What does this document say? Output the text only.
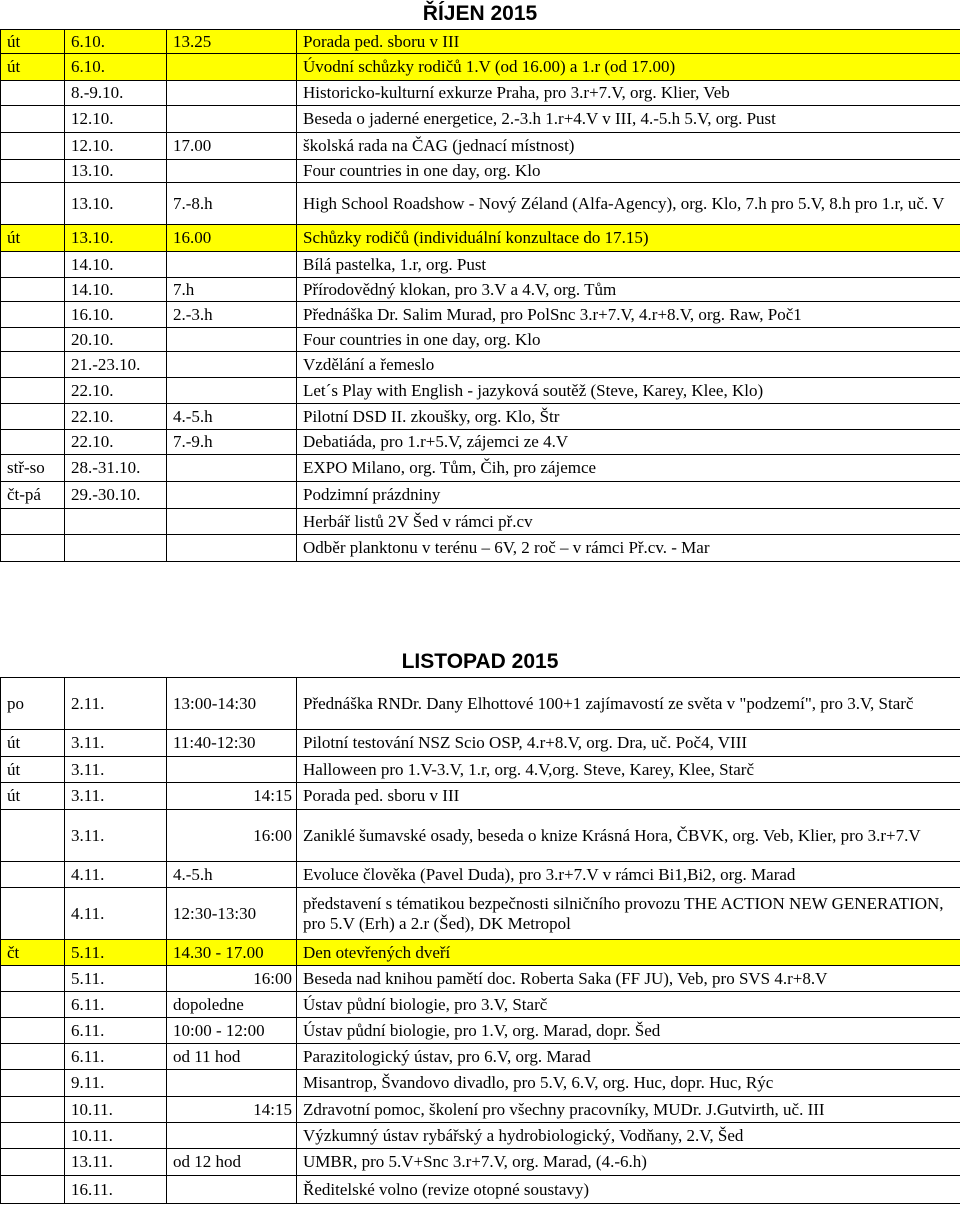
ŘÍJEN 2015
út	6.10.	13.25	Porada ped. sboru v III
út	6.10.		Úvodní schůzky rodičů 1.V (od 16.00) a 1.r (od 17.00)
	8.-9.10.		Historicko-kulturní exkurze Praha, pro 3.r+7.V, org. Klier, Veb
	12.10.		Beseda o jaderné energetice, 2.-3.h 1.r+4.V v III, 4.-5.h 5.V, org. Pust
	12.10.	17.00	školská rada na ČAG (jednací místnost)
	13.10.		Four countries in one day, org. Klo
	13.10.	7.-8.h	High School Roadshow - Nový Zéland (Alfa-Agency), org. Klo, 7.h pro 5.V, 8.h pro 1.r, uč. V
út	13.10.	16.00	Schůzky rodičů (individuální konzultace do 17.15)
	14.10.		Bílá pastelka, 1.r, org. Pust
	14.10.	7.h	Přírodovědný klokan, pro 3.V a 4.V, org. Tům
	16.10.	2.-3.h	Přednáška Dr. Salim Murad, pro PolSnc 3.r+7.V, 4.r+8.V, org. Raw, Poč1
	20.10.		Four countries in one day, org. Klo
	21.-23.10.		Vzdělání a řemeslo
	22.10.		Let´s Play with English - jazyková soutěž (Steve, Karey, Klee, Klo)
	22.10.	4.-5.h	Pilotní DSD II. zkoušky, org. Klo, Štr
	22.10.	7.-9.h	Debatiáda, pro 1.r+5.V, zájemci ze 4.V
stř-so	28.-31.10.		EXPO Milano, org. Tům, Čih, pro zájemce
čt-pá	29.-30.10.		Podzimní prázdniny
			Herbář listů 2V Šed v rámci př.cv
			Odběr planktonu v terénu – 6V, 2 roč – v rámci Př.cv. - Mar
LISTOPAD 2015
po	2.11.	13:00-14:30	Přednáška RNDr. Dany Elhottové 100+1 zajímavostí ze světa v "podzemí", pro 3.V, Starč
út	3.11.	11:40-12:30	Pilotní testování NSZ Scio OSP, 4.r+8.V, org. Dra, uč. Poč4, VIII
út	3.11.		Halloween pro 1.V-3.V, 1.r, org. 4.V,org. Steve, Karey, Klee, Starč
út	3.11.	14:15	Porada ped. sboru v III
	3.11.	16:00	Zaniklé šumavské osady, beseda o knize Krásná Hora, ČBVK, org. Veb, Klier, pro 3.r+7.V
	4.11.	4.-5.h	Evoluce člověka (Pavel Duda), pro 3.r+7.V v rámci Bi1,Bi2, org. Marad
	4.11.	12:30-13:30	představení s tématikou bezpečnosti silničního provozu THE ACTION NEW GENERATION, pro 5.V (Erh) a 2.r (Šed), DK Metropol
čt	5.11.	14.30 - 17.00	Den otevřených dveří
	5.11.	16:00	Beseda nad knihou pamětí doc. Roberta Saka (FF JU), Veb, pro SVS 4.r+8.V
	6.11.	dopoledne	Ústav půdní biologie, pro 3.V, Starč
	6.11.	10:00 - 12:00	Ústav půdní biologie, pro 1.V, org. Marad, dopr. Šed
	6.11.	od 11 hod	Parazitologický ústav, pro 6.V, org. Marad
	9.11.		Misantrop, Švandovo divadlo, pro 5.V, 6.V, org. Huc, dopr. Huc, Rýc
	10.11.	14:15	Zdravotní pomoc, školení pro všechny pracovníky, MUDr. J.Gutvirth, uč. III
	10.11.		Výzkumný ústav rybářský a hydrobiologický, Vodňany, 2.V, Šed
	13.11.	od 12 hod	UMBR, pro 5.V+Snc 3.r+7.V, org. Marad, (4.-6.h)
	16.11.		Ředitelské volno (revize otopné soustavy)
